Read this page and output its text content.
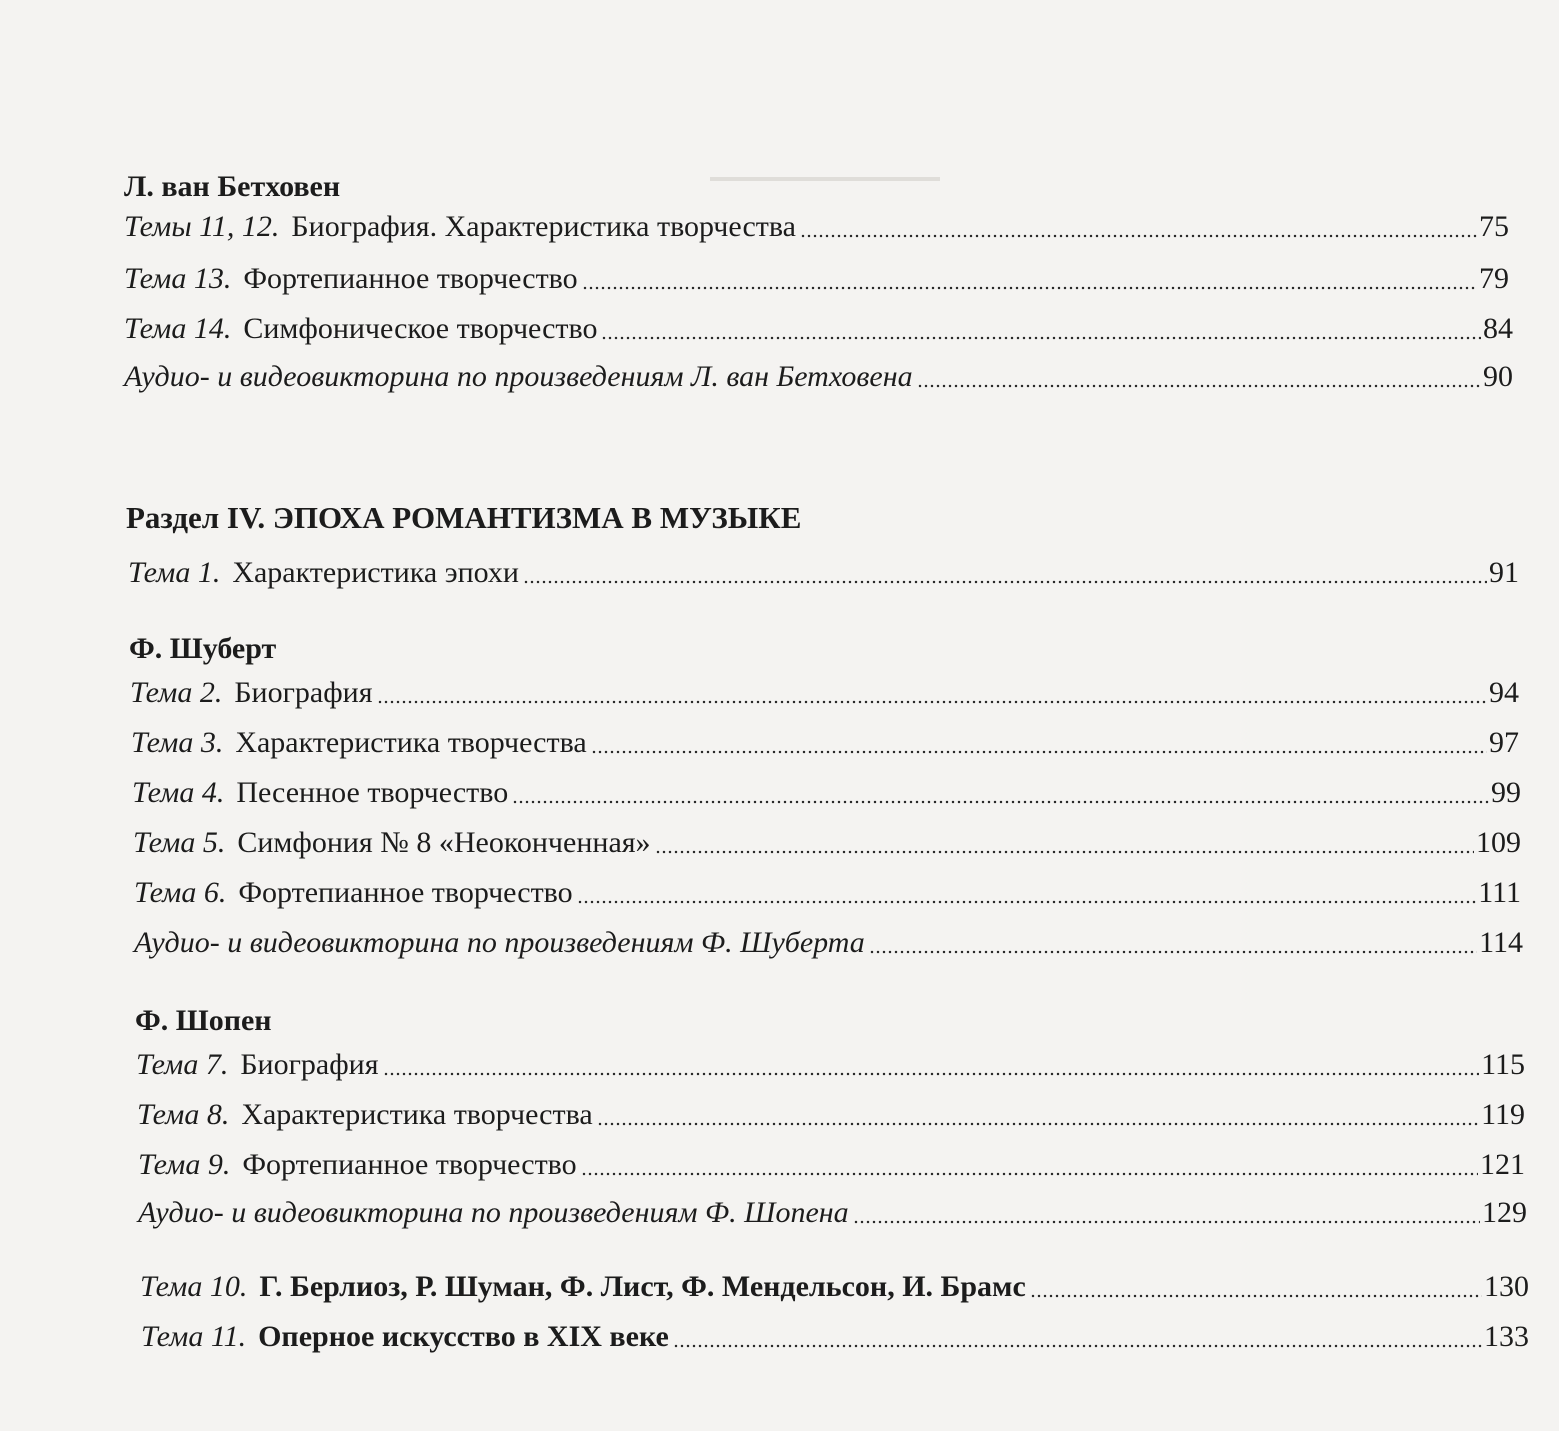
Л. ван Бетховен
Темы 11, 12. Биография. Характеристика творчества	75
Тема 13. Фортепианное творчество	79
Тема 14. Симфоническое творчество	84
Аудио- и видеовикторина по произведениям Л. ван Бетховена	90
Раздел IV. ЭПОХА РОМАНТИЗМА В МУЗЫКЕ
Тема 1. Характеристика эпохи	91
Ф. Шуберт
Тема 2. Биография	94
Тема 3. Характеристика творчества	97
Тема 4. Песенное творчество	99
Тема 5. Симфония № 8 «Неоконченная»	109
Тема 6. Фортепианное творчество	111
Аудио- и видеовикторина по произведениям Ф. Шуберта	114
Ф. Шопен
Тема 7. Биография	115
Тема 8. Характеристика творчества	119
Тема 9. Фортепианное творчество	121
Аудио- и видеовикторина по произведениям Ф. Шопена	129
Тема 10. Г. Берлиоз, Р. Шуман, Ф. Лист, Ф. Мендельсон, И. Брамс	130
Тема 11. Оперное искусство в XIX веке	133
